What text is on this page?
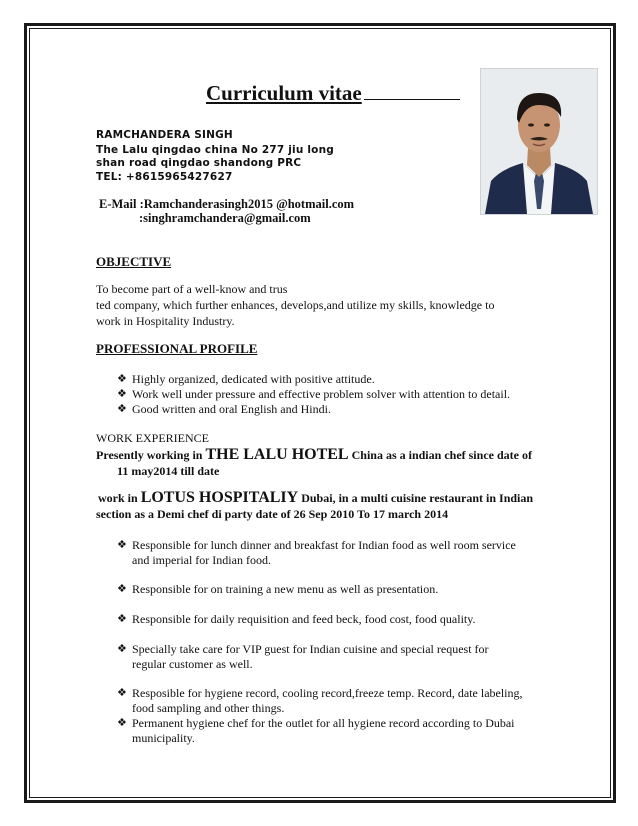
Curriculum vitae
RAMCHANDERA SINGH
The Lalu qingdao china No 277 jiu long
shan road qingdao shandong PRC
TEL: +8615965427627
E-Mail :Ramchanderasingh2015 @hotmail.com
:singhramchandera@gmail.com
OBJECTIVE
To become part of a well-know and trus
ted company, which further enhances, develops,and utilize my skills, knowledge to
work in Hospitality Industry.
PROFESSIONAL PROFILE
❖ Highly organized, dedicated with positive attitude.
❖ Work well under pressure and effective problem solver with attention to detail.
❖ Good written and oral English and Hindi.
WORK EXPERIENCE
Presently working in THE LALU HOTEL China as a indian chef since date of
11 may2014 till date
work in LOTUS HOSPITALIY Dubai, in a multi cuisine restaurant in Indian
section as a Demi chef di party date of 26 Sep 2010 To 17 march 2014
❖ Responsible for lunch dinner and breakfast for Indian food as well room service
and imperial for Indian food.
❖ Responsible for on training a new menu as well as presentation.
❖ Responsible for daily requisition and feed beck, food cost, food quality.
❖ Specially take care for VIP guest for Indian cuisine and special request for
regular customer as well.
❖ Resposible for hygiene record, cooling record,freeze temp. Record, date labeling,
food sampling and other things.
❖ Permanent hygiene chef for the outlet for all hygiene record according to Dubai
municipality.
